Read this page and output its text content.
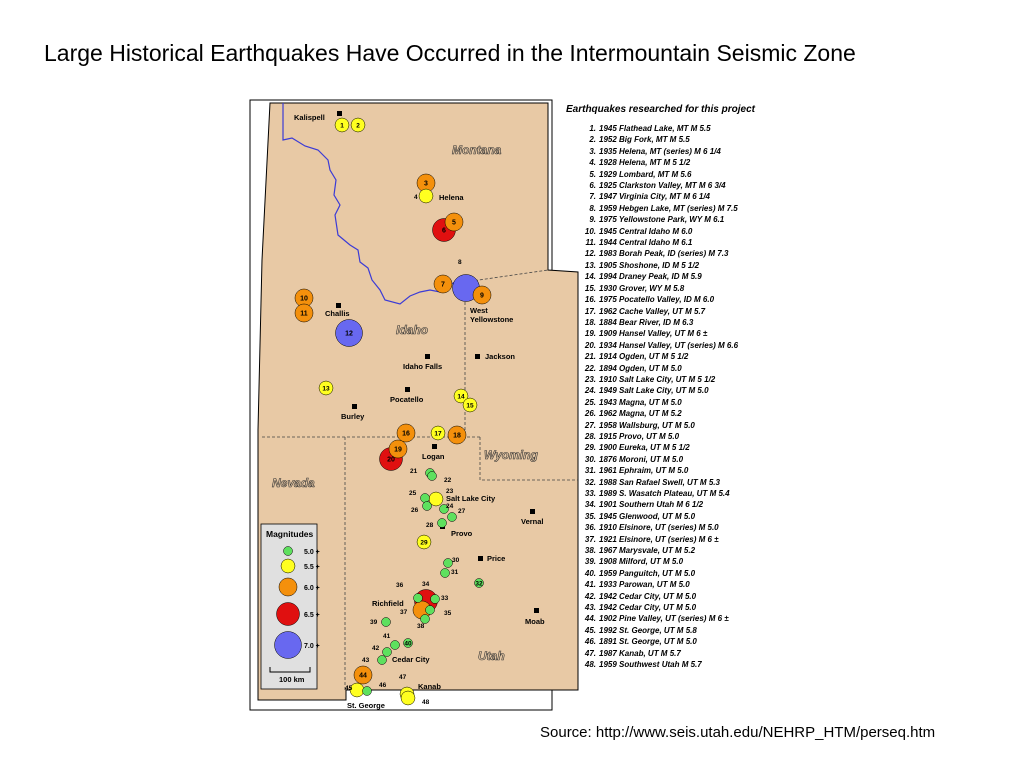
Large Historical Earthquakes Have Occurred in the Intermountain Seismic Zone
Montana
Idaho
Wyoming
Nevada
Utah
Kalispell
Helena
Challis	West
Yellowstone
Idaho Falls
Jackson
Pocatello
Burley
Logan
Salt Lake City
Vernal
Provo
Price
Richfield
Moab
Cedar City
Kanab
St. George
1 2
3
4
5
6
7
8
9
10
11
12
13
14
15
16	17 18
19
20
21
22
23
24
25
26	27
28
29
30
31
32
33
34
35
36
37
38
39
40
41
42
43
44
45	46
47
48
Magnitudes
5.0 +
5.5 +
6.0 +
6.5 +
7.0 +
100 km
Earthquakes researched for this project
1. 1945 Flathead Lake, MT M 5.5
2. 1952 Big Fork, MT M 5.5
3. 1935 Helena, MT (series) M 6 1/4
4. 1928 Helena, MT M 5 1/2
5. 1929 Lombard, MT M 5.6
6. 1925 Clarkston Valley, MT M 6 3/4
7. 1947 Virginia City, MT M 6 1/4
8. 1959 Hebgen Lake, MT (series) M 7.5
9. 1975 Yellowstone Park, WY M 6.1
10. 1945 Central Idaho M 6.0
11. 1944 Central Idaho M 6.1
12. 1983 Borah Peak, ID (series) M 7.3
13. 1905 Shoshone, ID M 5 1/2
14. 1994 Draney Peak, ID M 5.9
15. 1930 Grover, WY M 5.8
16. 1975 Pocatello Valley, ID M 6.0
17. 1962 Cache Valley, UT M 5.7
18. 1884 Bear River, ID M 6.3
19. 1909 Hansel Valley, UT M 6 ±
20. 1934 Hansel Valley, UT (series) M 6.6
21. 1914 Ogden, UT M 5 1/2
22. 1894 Ogden, UT M 5.0
23. 1910 Salt Lake City, UT M 5 1/2
24. 1949 Salt Lake City, UT M 5.0
25. 1943 Magna, UT M 5.0
26. 1962 Magna, UT M 5.2
27. 1958 Wallsburg, UT M 5.0
28. 1915 Provo, UT M 5.0
29. 1900 Eureka, UT M 5 1/2
30. 1876 Moroni, UT M 5.0
31. 1961 Ephraim, UT M 5.0
32. 1988 San Rafael Swell, UT M 5.3
33. 1989 S. Wasatch Plateau, UT M 5.4
34. 1901 Southern Utah M 6 1/2
35. 1945 Glenwood, UT M 5.0
36. 1910 Elsinore, UT (series) M 5.0
37. 1921 Elsinore, UT (series) M 6 ±
38. 1967 Marysvale, UT M 5.2
39. 1908 Milford, UT M 5.0
40. 1959 Panguitch, UT M 5.0
41. 1933 Parowan, UT M 5.0
42. 1942 Cedar City, UT M 5.0
43. 1942 Cedar City, UT M 5.0
44. 1902 Pine Valley, UT (series) M 6 ±
45. 1992 St. George, UT M 5.8
46. 1891 St. George, UT M 5.0
47. 1987 Kanab, UT M 5.7
48. 1959 Southwest Utah M 5.7
Source: http://www.seis.utah.edu/NEHRP_HTM/perseq.htm
